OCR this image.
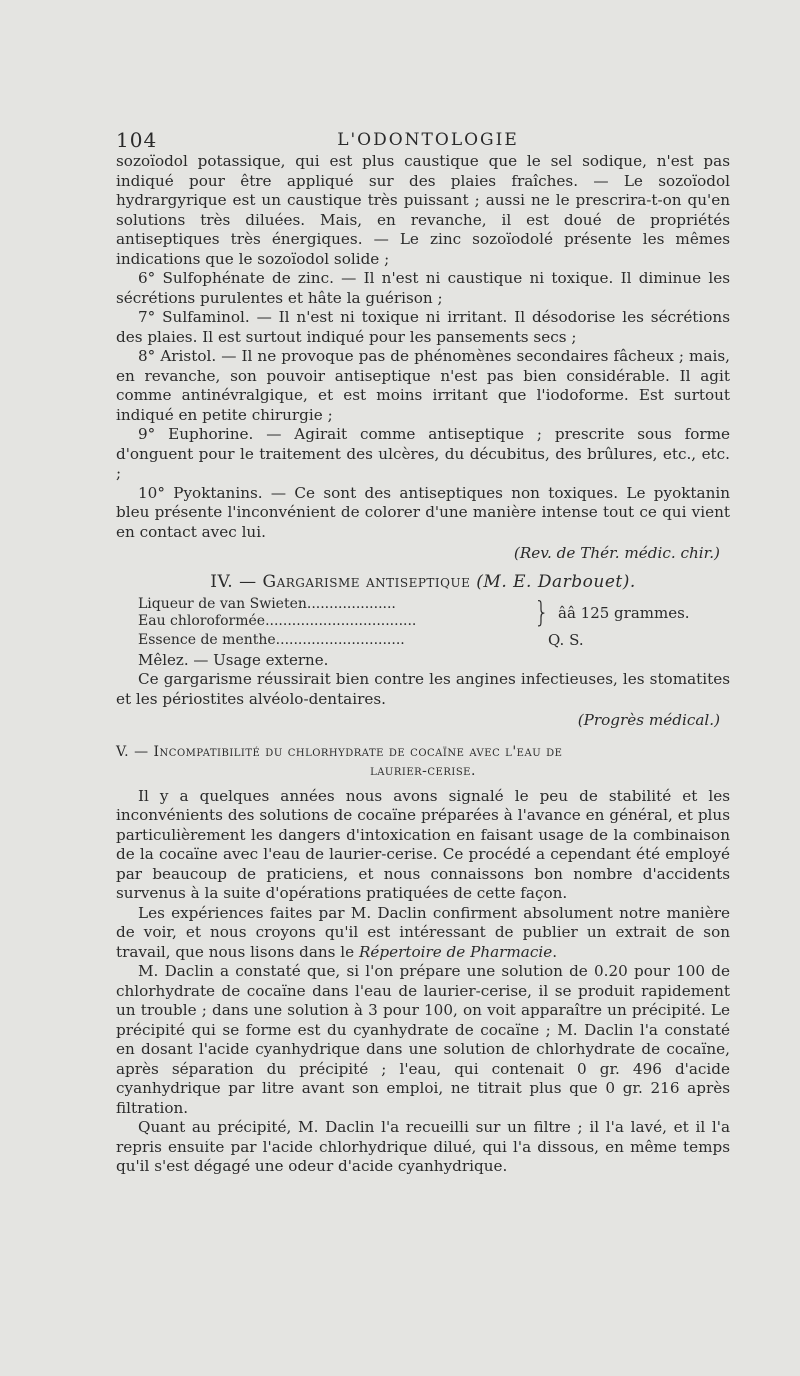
104	L'ODONTOLOGIE

sozoïodol potassique, qui est plus caustique que le sel sodique, n'est pas indiqué pour être appliqué sur des plaies fraîches. — Le sozoïodol hydrargyrique est un caustique très puissant ; aussi ne le prescrira-t-on qu'en solutions très diluées. Mais, en revanche, il est doué de propriétés antiseptiques très énergiques. — Le zinc sozoïodolé présente les mêmes indications que le sozoïodol solide ;

6° Sulfophénate de zinc. — Il n'est ni caustique ni toxique. Il diminue les sécrétions purulentes et hâte la guérison ;

7° Sulfaminol. — Il n'est ni toxique ni irritant. Il désodorise les sécrétions des plaies. Il est surtout indiqué pour les pansements secs ;

8° Aristol. — Il ne provoque pas de phénomènes secondaires fâcheux ; mais, en revanche, son pouvoir antiseptique n'est pas bien considérable. Il agit comme antinévralgique, et est moins irritant que l'iodoforme. Est surtout indiqué en petite chirurgie ;

9° Euphorine. — Agirait comme antiseptique ; prescrite sous forme d'onguent pour le traitement des ulcères, du décubitus, des brûlures, etc., etc. ;

10° Pyoktanins. — Ce sont des antiseptiques non toxiques. Le pyoktanin bleu présente l'inconvénient de colorer d'une manière intense tout ce qui vient en contact avec lui.

(Rev. de Thér. médic. chir.)

IV. — Gargarisme antiseptique (M. E. Darbouet).

Liqueur de van Swieten....................
Eau chloroformée..................................	} ââ 125 grammes.
Essence de menthe.............................	Q. S.
Mêlez. — Usage externe.

Ce gargarisme réussirait bien contre les angines infectieuses, les stomatites et les périostites alvéolo-dentaires.

(Progrès médical.)

V. — Incompatibilité du chlorhydrate de cocaïne avec l'eau de
laurier-cerise.

Il y a quelques années nous avons signalé le peu de stabilité et les inconvénients des solutions de cocaïne préparées à l'avance en général, et plus particulièrement les dangers d'intoxication en faisant usage de la combinaison de la cocaïne avec l'eau de laurier-cerise. Ce procédé a cependant été employé par beaucoup de praticiens, et nous connaissons bon nombre d'accidents survenus à la suite d'opérations pratiquées de cette façon.

Les expériences faites par M. Daclin confirment absolument notre manière de voir, et nous croyons qu'il est intéressant de publier un extrait de son travail, que nous lisons dans le Répertoire de Pharmacie.

M. Daclin a constaté que, si l'on prépare une solution de 0.20 pour 100 de chlorhydrate de cocaïne dans l'eau de laurier-cerise, il se produit rapidement un trouble ; dans une solution à 3 pour 100, on voit apparaître un précipité. Le précipité qui se forme est du cyanhydrate de cocaïne ; M. Daclin l'a constaté en dosant l'acide cyanhydrique dans une solution de chlorhydrate de cocaïne, après séparation du précipité ; l'eau, qui contenait 0 gr. 496 d'acide cyanhydrique par litre avant son emploi, ne titrait plus que 0 gr. 216 après filtration.

Quant au précipité, M. Daclin l'a recueilli sur un filtre ; il l'a lavé, et il l'a repris ensuite par l'acide chlorhydrique dilué, qui l'a dissous, en même temps qu'il s'est dégagé une odeur d'acide cyanhydrique.
